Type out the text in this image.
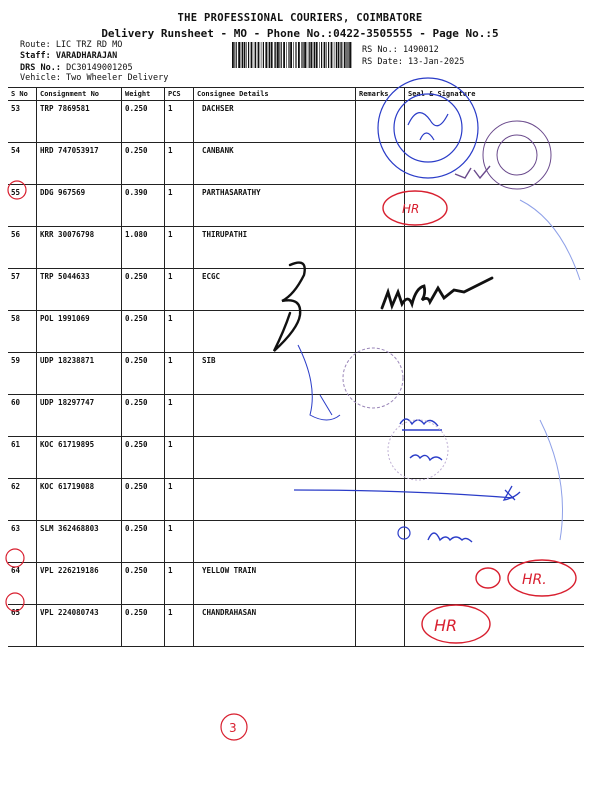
THE PROFESSIONAL COURIERS, COIMBATORE
Delivery Runsheet - MO - Phone No.:0422-3505555 - Page No.:5
Route: LIC TRZ RD MO
Staff: VARADHARAJAN
DRS No.: DC30149001205
Vehicle: Two Wheeler Delivery
RS No.: 1490012
RS Date: 13-Jan-2025
S No	Consignment No	Weight	PCS	Consignee Details	Remarks	Seal & Signature
53	TRP 7869581	0.250	1	DACHSER		
54	HRD 747053917	0.250	1	CANBANK		
55	DDG 967569	0.390	1	PARTHASARATHY		
56	KRR 30076798	1.080	1	THIRUPATHI		
57	TRP 5044633	0.250	1	ECGC		
58	POL 1991069	0.250	1			
59	UDP 18238871	0.250	1	SIB		
60	UDP 18297747	0.250	1			
61	KOC 61719895	0.250	1			
62	KOC 61719088	0.250	1			
63	SLM 362468803	0.250	1			
64	VPL 226219186	0.250	1	YELLOW TRAIN		
65	VPL 224080743	0.250	1	CHANDRAHASAN		
HR
HR.
HR
3
